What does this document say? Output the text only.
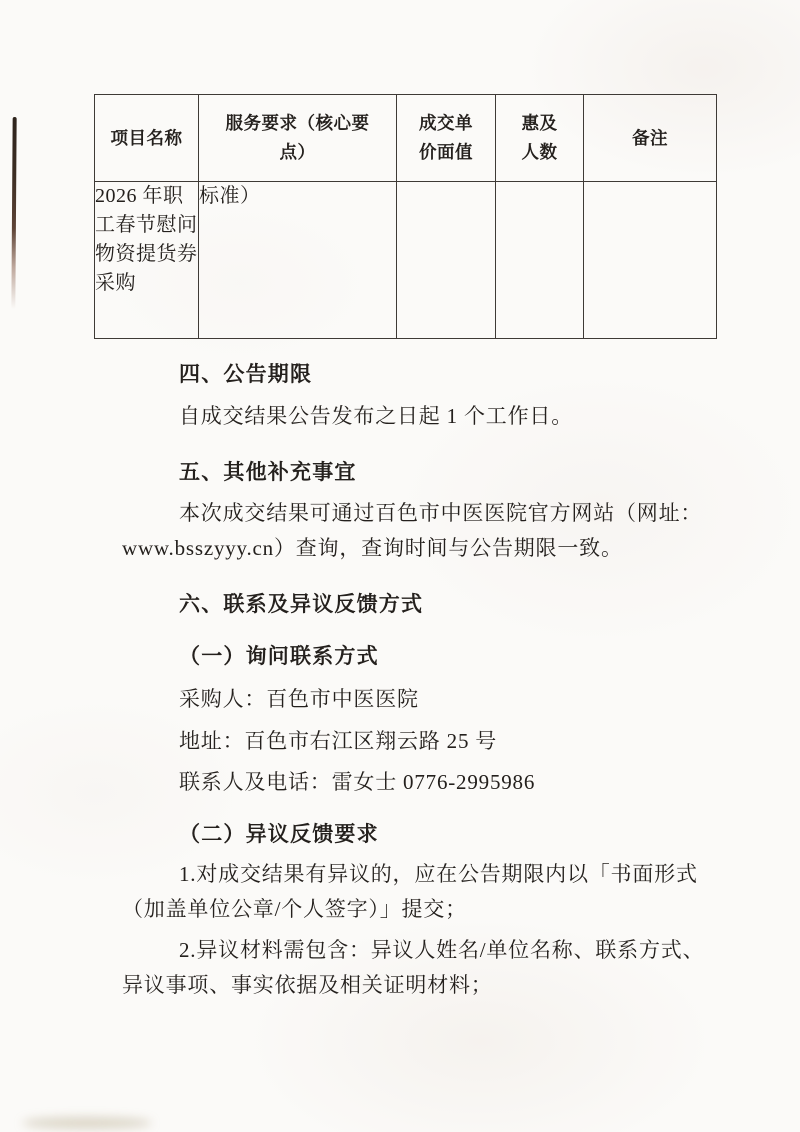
项目名称	服务要求（核心要点）	成交单价面值	惠及人数	备注
2026 年职工春节慰问物资提货券采购	标准）			
四、公告期限
自成交结果公告发布之日起 1 个工作日。
五、其他补充事宜
本次成交结果可通过百色市中医医院官方网站（网址：
www.bsszyyy.cn）查询，查询时间与公告期限一致。
六、联系及异议反馈方式
（一）询问联系方式
采购人：百色市中医医院
地址：百色市右江区翔云路 25 号
联系人及电话：雷女士 0776-2995986
（二）异议反馈要求
1.对成交结果有异议的，应在公告期限内以「书面形式
（加盖单位公章/个人签字）」提交；
2.异议材料需包含：异议人姓名/单位名称、联系方式、
异议事项、事实依据及相关证明材料；
